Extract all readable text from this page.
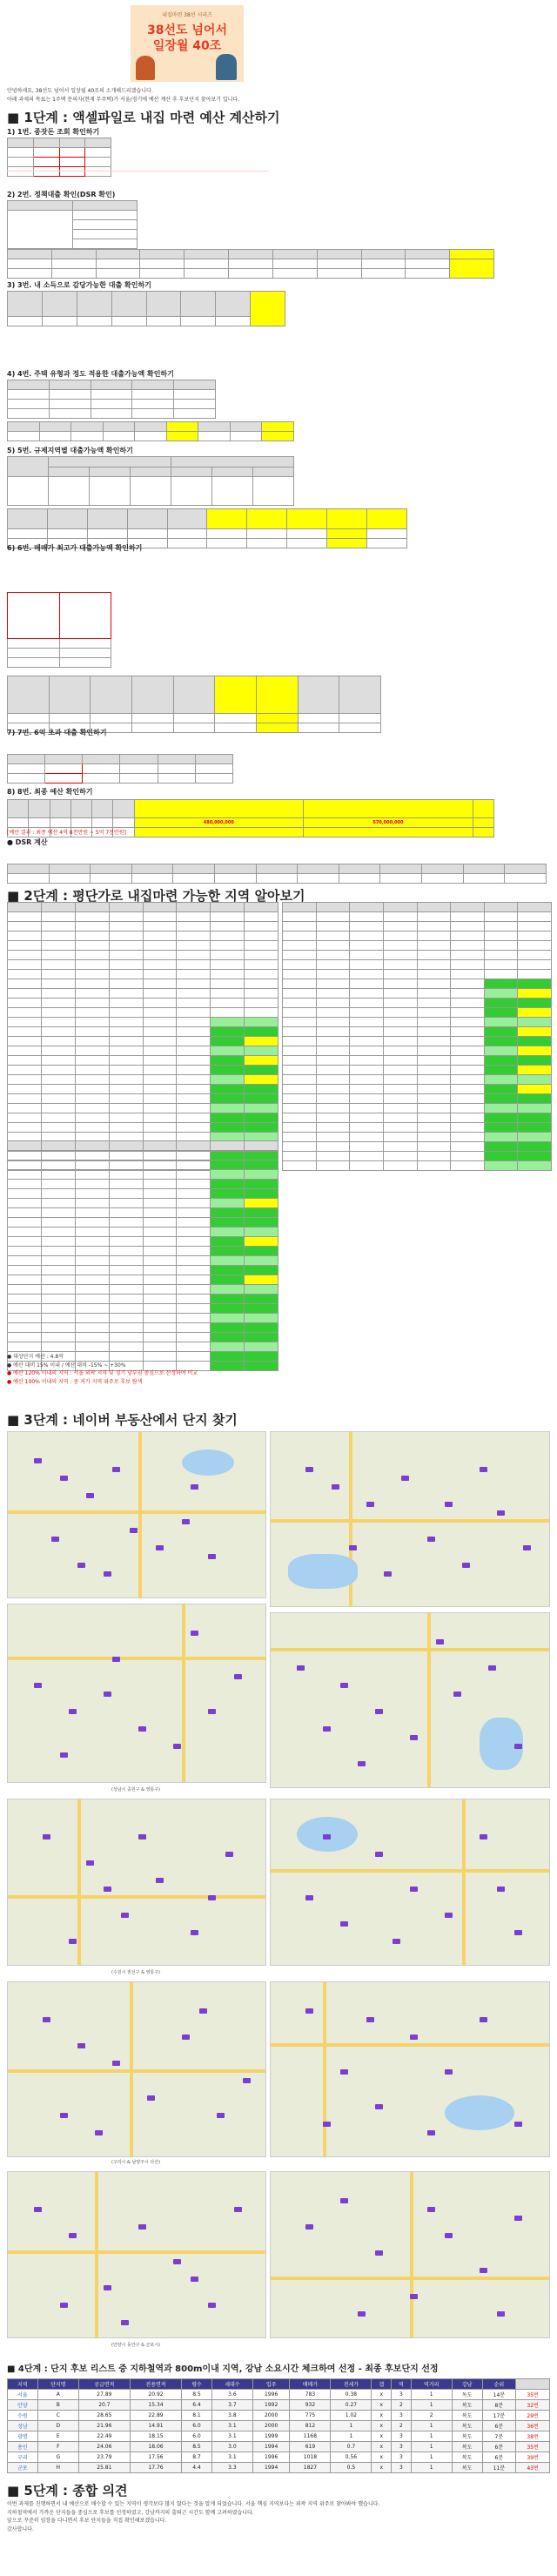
내집마련 38선 시리즈
38선도 넘어서
일장월 40조
안녕하세요, 38선도 넘어서 일장월 40조의 소개해드리겠습니다.
아래 과제의 목표는 1주택 문의자(현재 무주택)가 서울/경기에 예산 계산 후 후보단지 찾아보기 입니다.
■ 1단계 : 액셀파일로 내집 마련 예산 계산하기
1) 1번. 종잣돈 조회 확인하기

2) 2번. 정책대출 확인(DSR 확인)

3) 3번. 내 소득으로 감당가능한 대출 확인하기

4) 4번. 주택 유형과 정도 적용한 대출가능액 확인하기

5) 5번. 규제지역별 대출가능액 확인하기

6) 6번. 매매가 최고가 대출가능액 확인하기

7) 7번. 6억 초과 대출 확인하기

8) 8번. 최종 예산 확인하기

						480,000,000	570,000,000	

[예산 결과 : 최종 예산 4억 8천만원 ~ 5억 7천만원]
● DSR 계산

■ 2단계 : 평단가로 내집마련 가능한 지역 알아보기

● 대상단지 예산 : 4.8억
● 예산 대비 15% 이내 / 예산 대비 -15% ~ +30%
● 예산 120% 이내의 지역 : 서울 외곽 지역 및 경기 남부권 중심으로 선정하여 비교
● 예산 100% 이내의 지역 : 중 저가 지역 위주로 후보 탐색
■ 3단계 : 네이버 부동산에서 단지 찾기
(성남시 중원구 & 영통구)
(수원시 권선구 & 영통구)
(구리시 & 남양주시 다산)
(안양시 동안구 & 군포시)
■ 4단계 : 단지 후보 리스트 중 지하철역과 800m이내 지역, 강남 소요시간 체크하여 선정 - 최종 후보단지 선정
지역	단지명	공급면적	전용면적	평수	세대수	입주	매매가	전세가	갭	역	역거리	강남	순위	
서울	A	27.89	20.92	8.5	3.6	1996	783	0.38	x	3	1	독도	14분	35번
안양	B	20.7	15.34	6.4	3.7	1992	932	0.27	x	2	1	복도	8분	32번
수원	C	28.65	22.89	8.1	3.8	2000	775	1.02	x	3	2	복도	17분	29번
성남	D	21.96	14.91	6.0	3.1	2000	812	1	x	2	1	복도	6분	36번
광명	E	22.49	18.15	6.0	3.1	1999	1168	1	x	3	1	복도	7분	38번
용인	F	24.06	18.06	8.5	3.0	1994	619	0.7	x	3	1	복도	6분	35번
구리	G	23.79	17.56	8.7	3.1	1996	1018	0.56	x	3	1	복도	6분	39번
군포	H	25.81	17.76	4.4	3.3	1994	1827	0.5	x	3	1	복도	11분	43번
■ 5단계 : 종합 의견
이번 과제를 진행하면서 내 예산으로 매수할 수 있는 지역이 생각보다 많지 않다는 것을 알게 되었습니다. 서울 핵심 지역보다는 외곽 지역 위주로 찾아봐야 했습니다.
지하철역에서 가까운 단지들을 중심으로 후보를 선정하였고, 강남까지의 출퇴근 시간도 함께 고려하였습니다.
앞으로 꾸준히 임장을 다니면서 후보 단지들을 직접 확인해보겠습니다.
감사합니다.
